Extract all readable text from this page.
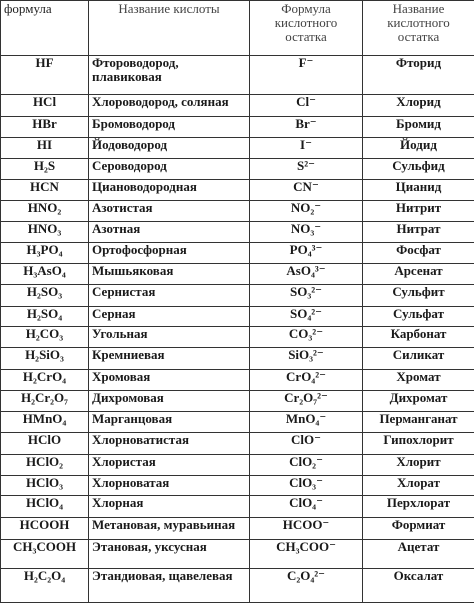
формула	Название кислоты	Формула кислотного остатка	Название кислотного остатка
HF	Фтороводород, плавиковая	F⁻	Фторид
HCl	Хлороводород, соляная	Cl⁻	Хлорид
HBr	Бромоводород	Br⁻	Бромид
HI	Йодоводород	I⁻	Йодид
H₂S	Сероводород	S²⁻	Сульфид
HCN	Циановодородная	CN⁻	Цианид
HNO₂	Азотистая	NO₂⁻	Нитрит
HNO₃	Азотная	NO₃⁻	Нитрат
H₃PO₄	Ортофосфорная	PO₄³⁻	Фосфат
H₃AsO₄	Мышьяковая	AsO₄³⁻	Арсенат
H₂SO₃	Сернистая	SO₃²⁻	Сульфит
H₂SO₄	Серная	SO₄²⁻	Сульфат
H₂CO₃	Угольная	CO₃²⁻	Карбонат
H₂SiO₃	Кремниевая	SiO₃²⁻	Силикат
H₂CrO₄	Хромовая	CrO₄²⁻	Хромат
H₂Cr₂O₇	Дихромовая	Cr₂O₇²⁻	Дихромат
HMnO₄	Марганцовая	MnO₄⁻	Перманганат
HClO	Хлорноватистая	ClO⁻	Гипохлорит
HClO₂	Хлористая	ClO₂⁻	Хлорит
HClO₃	Хлорноватая	ClO₃⁻	Хлорат
HClO₄	Хлорная	ClO₄⁻	Перхлорат
HCOOH	Метановая, муравьиная	HCOO⁻	Формиат
CH₃COOH	Этановая, уксусная	CH₃COO⁻	Ацетат
H₂C₂O₄	Этандиовая, щавелевая	C₂O₄²⁻	Оксалат
